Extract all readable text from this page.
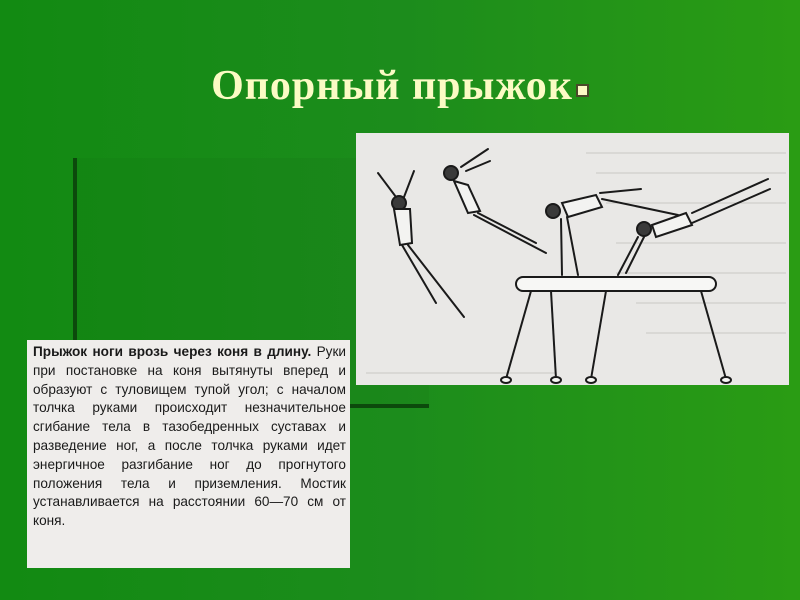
Опорный прыжок
Прыжок ноги врозь через коня в длину. Руки при постановке на коня вытянуты вперед и образуют с туловищем тупой угол; с началом толчка руками происходит незначительное сгибание тела в тазобедренных суставах и разведение ног, а после толчка руками идет энергичное разгибание ног до прогнутого положения тела и приземления. Мостик устанавливается на расстоянии 60—70 см от коня.
